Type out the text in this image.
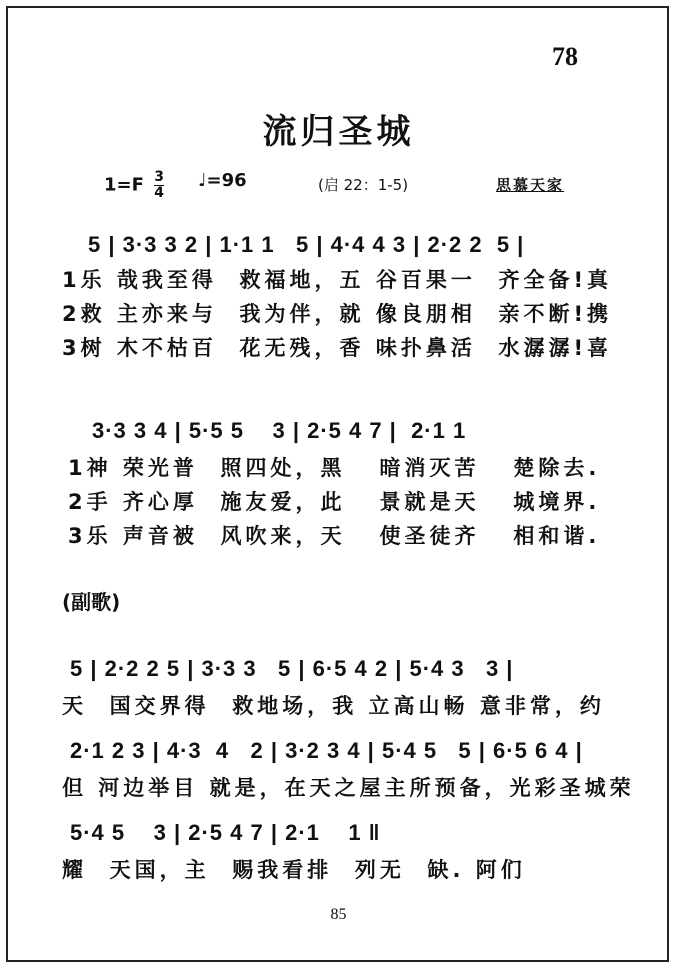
78
流归圣城
$1=F \frac{3}{4}$ ♩=96	(启 22：1-5)	思慕天家
5 | 3·3 3 2 | 1·1 1   5 | 4·4 4 3 | 2·2 2  5 |
1乐 哉我至得  救福地，五 谷百果一  齐全备!真
2救 主亦来与  我为伴，就 像良朋相  亲不断!携
3树 木不枯百  花无残，香 味扑鼻活  水潺潺!喜
3·3 3 4 | 5·5 5    3 | 2·5 4 7 |  2·1 1
1神 荣光普  照四处，黑   暗消灭苦   楚除去.
2手 齐心厚  施友爱，此   景就是天   城境界.
3乐 声音被  风吹来，天   使圣徒齐   相和谐.
(副歌)
5 | 2·2 2 5 | 3·3 3   5 | 6·5 4 2 | 5·4 3   3 |
天  国交界得  救地场，我 立高山畅 意非常，约
2·1 2 3 | 4·3  4   2 | 3·2 3 4 | 5·4 5   5 | 6·5 6 4 |
但 河边举目 就是，在天之屋主所预备，光彩圣城荣
5·4 5    3 | 2·5 4 7 | 2·1    1 ‖
耀  天国，主  赐我看排  列无  缺. 阿们
85
